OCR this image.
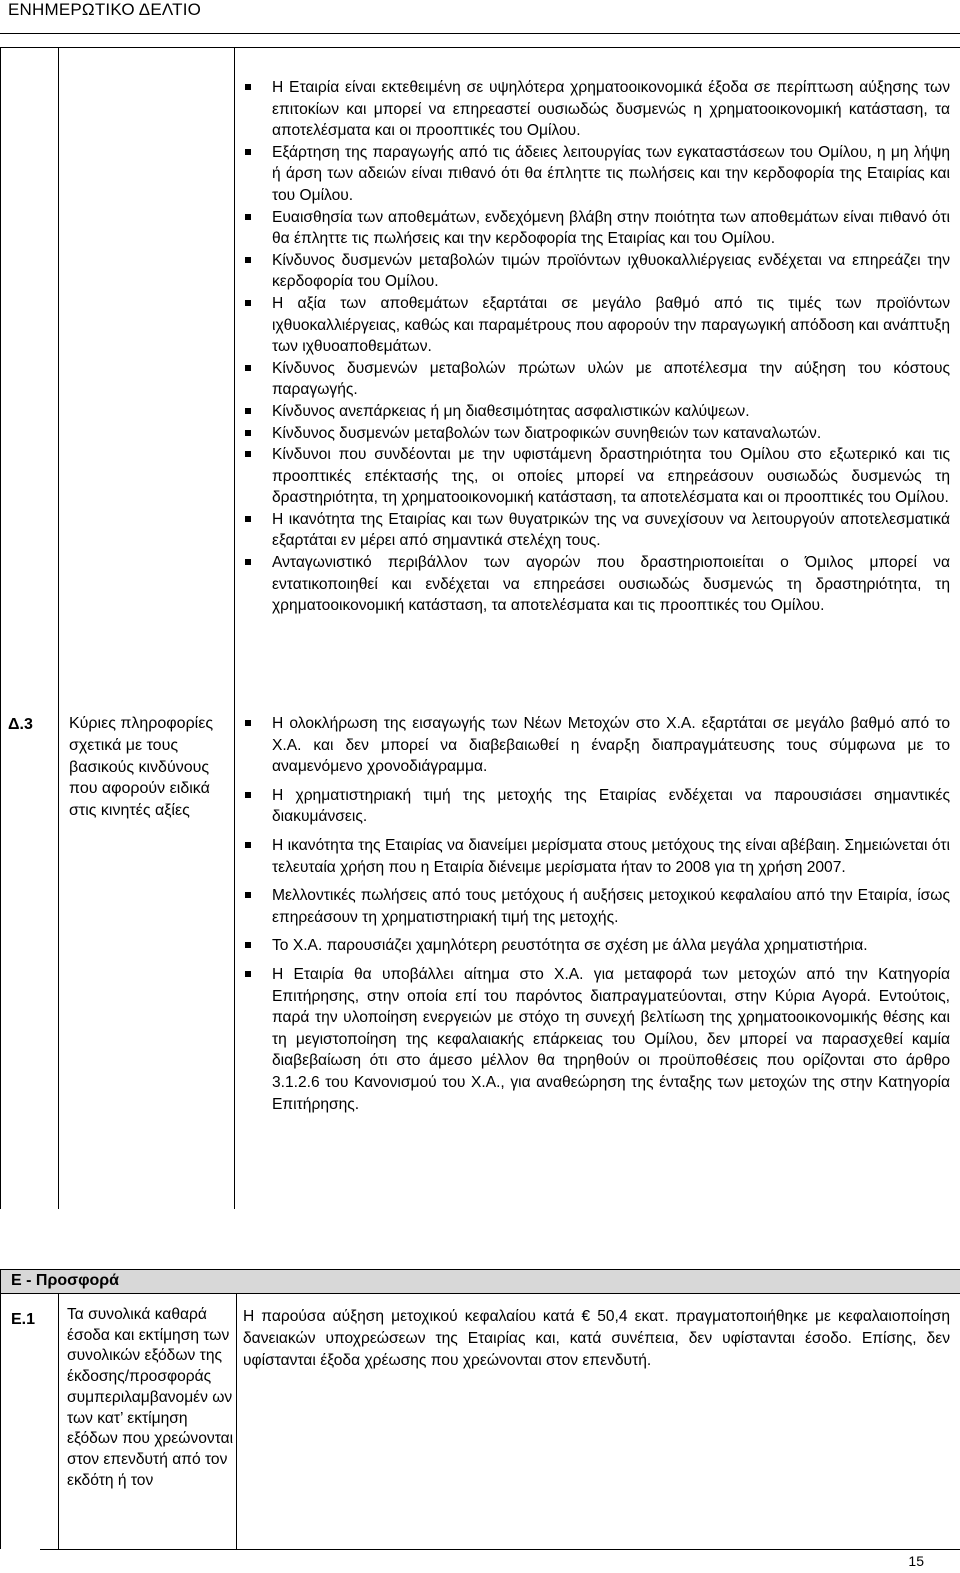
ΕΝΗΜΕΡΩΤΙΚΟ ΔΕΛΤΙΟ
Η Εταιρία είναι εκτεθειμένη σε υψηλότερα χρηματοοικονομικά έξοδα σε περίπτωση αύξησης των επιτοκίων και μπορεί να επηρεαστεί ουσιωδώς δυσμενώς η χρηματοοικονομική κατάσταση, τα αποτελέσματα και οι προοπτικές του Ομίλου.
Εξάρτηση της παραγωγής από τις άδειες λειτουργίας των εγκαταστάσεων του Ομίλου, η μη λήψη ή άρση των αδειών είναι πιθανό ότι θα έπληττε τις πωλήσεις και την κερδοφορία της Εταιρίας και του Ομίλου.
Ευαισθησία των αποθεμάτων, ενδεχόμενη βλάβη στην ποιότητα των αποθεμάτων είναι πιθανό ότι θα έπληττε τις πωλήσεις και την κερδοφορία της Εταιρίας και του Ομίλου.
Κίνδυνος δυσμενών μεταβολών τιμών προϊόντων ιχθυοκαλλιέργειας ενδέχεται να επηρεάζει την κερδοφορία του Ομίλου.
Η αξία των αποθεμάτων εξαρτάται σε μεγάλο βαθμό από τις τιμές των προϊόντων ιχθυοκαλλιέργειας, καθώς και παραμέτρους που αφορούν την παραγωγική απόδοση και ανάπτυξη των ιχθυοαποθεμάτων.
Κίνδυνος δυσμενών μεταβολών πρώτων υλών με αποτέλεσμα την αύξηση του κόστους παραγωγής.
Κίνδυνος ανεπάρκειας ή μη διαθεσιμότητας ασφαλιστικών καλύψεων.
Κίνδυνος δυσμενών μεταβολών των διατροφικών συνηθειών των καταναλωτών.
Κίνδυνοι που συνδέονται με την υφιστάμενη δραστηριότητα του Ομίλου στο εξωτερικό και τις προοπτικές επέκτασής της, οι οποίες μπορεί να επηρεάσουν ουσιωδώς δυσμενώς τη δραστηριότητα, τη χρηματοοικονομική κατάσταση, τα αποτελέσματα και οι προοπτικές του Ομίλου.
Η ικανότητα της Εταιρίας και των θυγατρικών της να συνεχίσουν να λειτουργούν αποτελεσματικά εξαρτάται εν μέρει από σημαντικά στελέχη τους.
Ανταγωνιστικό περιβάλλον των αγορών που δραστηριοποιείται ο Όμιλος μπορεί να εντατικοποιηθεί και ενδέχεται να επηρεάσει ουσιωδώς δυσμενώς τη δραστηριότητα, τη χρηματοοικονομική κατάσταση, τα αποτελέσματα και τις προοπτικές του Ομίλου.
Δ.3 Κύριες πληροφορίες σχετικά με τους βασικούς κινδύνους που αφορούν ειδικά στις κινητές αξίες
Η ολοκλήρωση της εισαγωγής των Νέων Μετοχών στο Χ.Α. εξαρτάται σε μεγάλο βαθμό από το Χ.Α. και δεν μπορεί να διαβεβαιωθεί η έναρξη διαπραγμάτευσης τους σύμφωνα με το αναμενόμενο χρονοδιάγραμμα.
Η χρηματιστηριακή τιμή της μετοχής της Εταιρίας ενδέχεται να παρουσιάσει σημαντικές διακυμάνσεις.
Η ικανότητα της Εταιρίας να διανείμει μερίσματα στους μετόχους της είναι αβέβαιη. Σημειώνεται ότι τελευταία χρήση που η Εταιρία διένειμε μερίσματα ήταν το 2008 για τη χρήση 2007.
Μελλοντικές πωλήσεις από τους μετόχους ή αυξήσεις μετοχικού κεφαλαίου από την Εταιρία, ίσως επηρεάσουν τη χρηματιστηριακή τιμή της μετοχής.
Το Χ.Α. παρουσιάζει χαμηλότερη ρευστότητα σε σχέση με άλλα μεγάλα χρηματιστήρια.
Η Εταιρία θα υποβάλλει αίτημα στο Χ.Α. για μεταφορά των μετοχών από την Κατηγορία Επιτήρησης, στην οποία επί του παρόντος διαπραγματεύονται, στην Κύρια Αγορά. Εντούτοις, παρά την υλοποίηση ενεργειών με στόχο τη συνεχή βελτίωση της χρηματοοικονομικής θέσης και τη μεγιστοποίηση της κεφαλαιακής επάρκειας του Ομίλου, δεν μπορεί να παρασχεθεί καμία διαβεβαίωση ότι στο άμεσο μέλλον θα τηρηθούν οι προϋποθέσεις που ορίζονται στο άρθρο 3.1.2.6 του Κανονισμού του Χ.Α., για αναθεώρηση της ένταξης των μετοχών της στην Κατηγορία Επιτήρησης.
Ε - Προσφορά
Ε.1 Τα συνολικά καθαρά έσοδα και εκτίμηση των συνολικών εξόδων της έκδοσης/προσφοράς συμπεριλαμβανομέν ων των κατ’ εκτίμηση εξόδων που χρεώνονται στον επενδυτή από τον εκδότη ή τον
Η παρούσα αύξηση μετοχικού κεφαλαίου κατά € 50,4 εκατ. πραγματοποιήθηκε με κεφαλαιοποίηση δανειακών υποχρεώσεων της Εταιρίας και, κατά συνέπεια, δεν υφίστανται έσοδο. Επίσης, δεν υφίστανται έξοδα χρέωσης που χρεώνονται στον επενδυτή.
15
